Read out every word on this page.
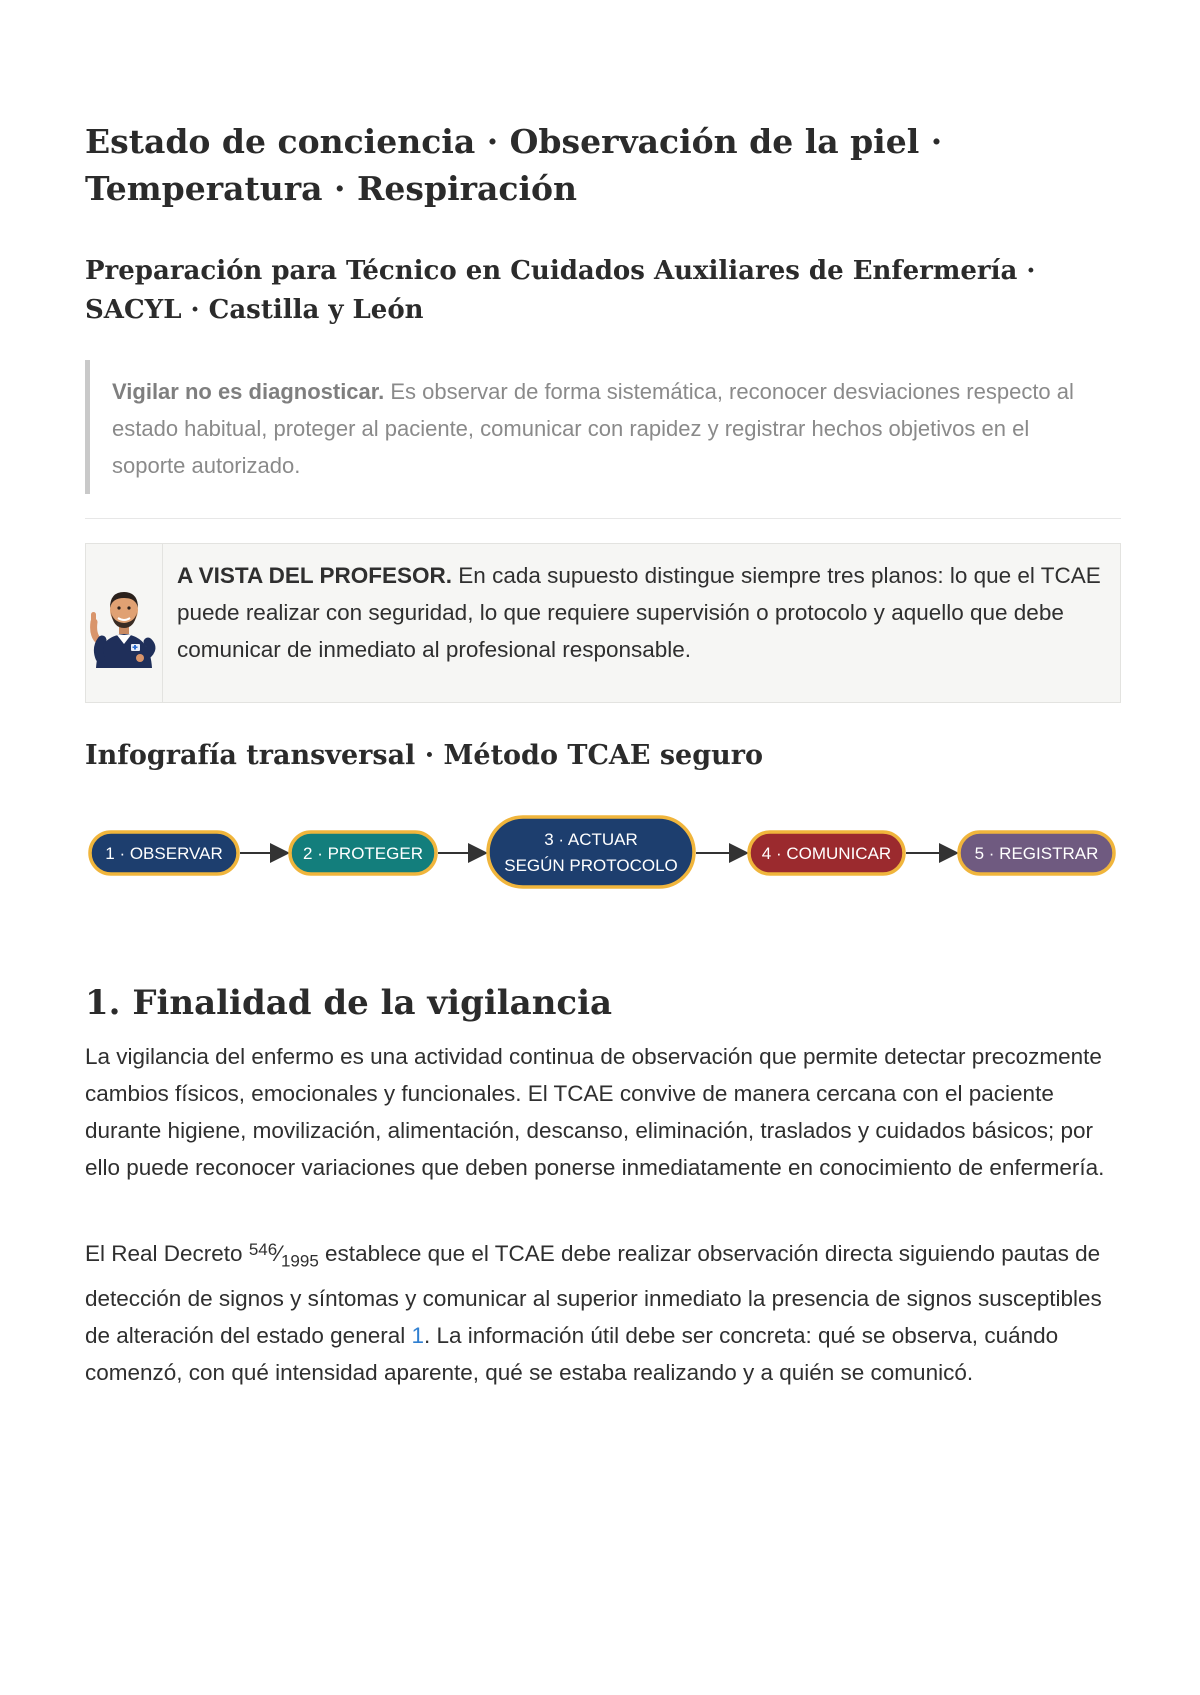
Estado de conciencia · Observación de la piel · Temperatura · Respiración
Preparación para Técnico en Cuidados Auxiliares de Enfermería · SACYL · Castilla y León
Vigilar no es diagnosticar. Es observar de forma sistemática, reconocer desviaciones respecto al estado habitual, proteger al paciente, comunicar con rapidez y registrar hechos objetivos en el soporte autorizado.
A VISTA DEL PROFESOR. En cada supuesto distingue siempre tres planos: lo que el TCAE puede realizar con seguridad, lo que requiere supervisión o protocolo y aquello que debe comunicar de inmediato al profesional responsable.
Infografía transversal · Método TCAE seguro
1 · OBSERVAR	2 · PROTEGER
3 · ACTUAR
SEGÚN PROTOCOLO
4 · COMUNICAR	5 · REGISTRAR
1. Finalidad de la vigilancia

La vigilancia del enfermo es una actividad continua de observación que permite detectar precozmente cambios físicos, emocionales y funcionales. El TCAE convive de manera cercana con el paciente durante higiene, movilización, alimentación, descanso, eliminación, traslados y cuidados básicos; por ello puede reconocer variaciones que deben ponerse inmediatamente en conocimiento de enfermería.

El Real Decreto $^{546}⁄_{1995}$ establece que el TCAE debe realizar observación directa siguiendo pautas de detección de signos y síntomas y comunicar al superior inmediato la presencia de signos susceptibles de alteración del estado general 1. La información útil debe ser concreta: qué se observa, cuándo comenzó, con qué intensidad aparente, qué se estaba realizando y a quién se comunicó.
